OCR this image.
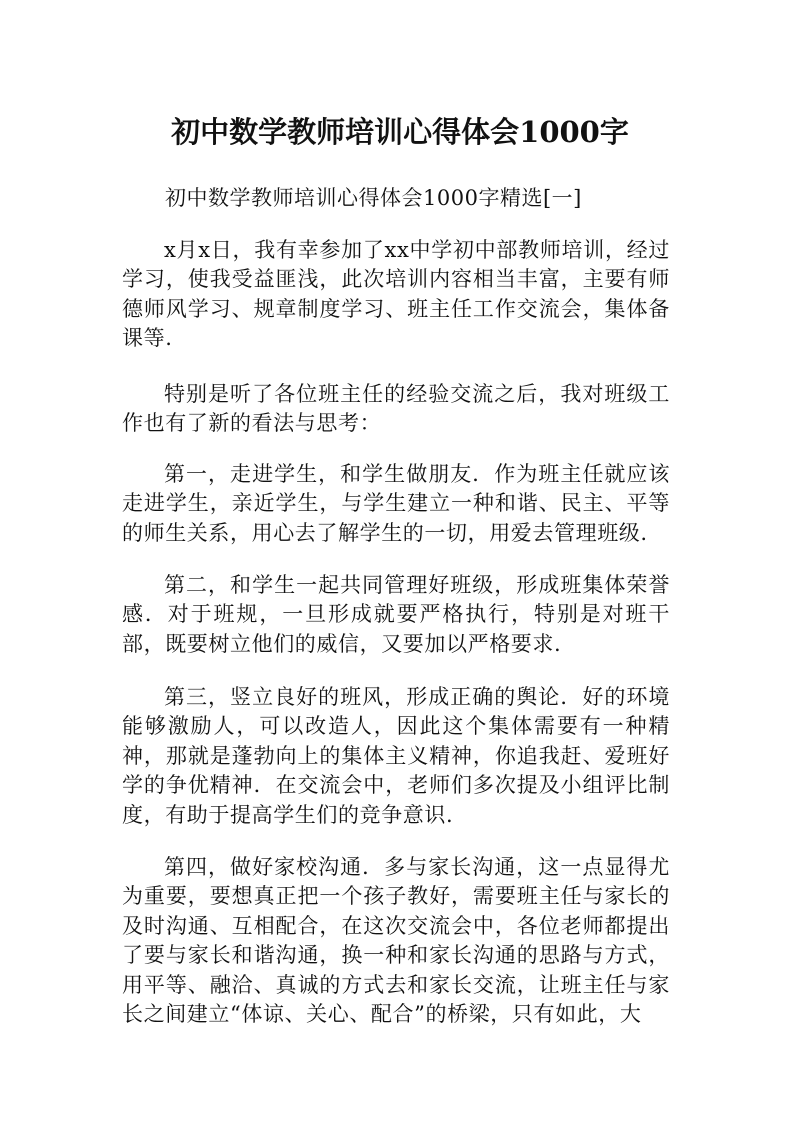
初中数学教师培训心得体会1000字
初中数学教师培训心得体会1000字精选[一]

x月x日，我有幸参加了xx中学初中部教师培训，经过学习，使我受益匪浅，此次培训内容相当丰富，主要有师德师风学习、规章制度学习、班主任工作交流会，集体备课等.

特别是听了各位班主任的经验交流之后，我对班级工作也有了新的看法与思考：

第一，走进学生，和学生做朋友．作为班主任就应该走进学生，亲近学生，与学生建立一种和谐、民主、平等的师生关系，用心去了解学生的一切，用爱去管理班级.

第二，和学生一起共同管理好班级，形成班集体荣誉感．对于班规，一旦形成就要严格执行，特别是对班干部，既要树立他们的威信，又要加以严格要求.

第三，竖立良好的班风，形成正确的舆论．好的环境能够激励人，可以改造人，因此这个集体需要有一种精神，那就是蓬勃向上的集体主义精神，你追我赶、爱班好学的争优精神．在交流会中，老师们多次提及小组评比制度，有助于提高学生们的竞争意识.

第四，做好家校沟通．多与家长沟通，这一点显得尤为重要，要想真正把一个孩子教好，需要班主任与家长的及时沟通、互相配合，在这次交流会中，各位老师都提出了要与家长和谐沟通，换一种和家长沟通的思路与方式，用平等、融洽、真诚的方式去和家长交流，让班主任与家长之间建立“体谅、关心、配合”的桥梁，只有如此，大
